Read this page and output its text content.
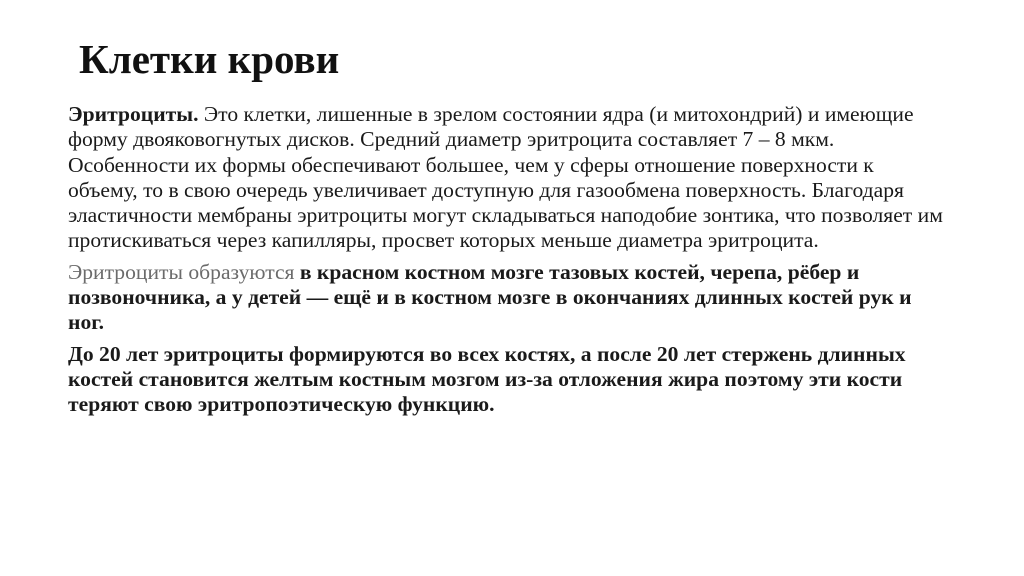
Клетки крови

Эритроциты. Это клетки, лишенные в зрелом состоянии ядра (и митохондрий) и имеющие форму двояковогнутых дисков. Средний диаметр эритроцита составляет 7 – 8 мкм. Особенности их формы обеспечивают большее, чем у сферы отношение поверхности к объему, то в свою очередь увеличивает доступную для газообмена поверхность. Благодаря эластичности мембраны эритроциты могут складываться наподобие зонтика, что позволяет им протискиваться через капилляры, просвет которых меньше диаметра эритроцита.

Эритроциты образуются в красном костном мозге тазовых костей, черепа, рёбер и позвоночника, а у детей — ещё и в костном мозге в окончаниях длинных костей рук и ног.

До 20 лет эритроциты формируются во всех костях, а после 20 лет стержень длинных костей становится желтым костным мозгом из-за отложения жира поэтому эти кости теряют свою эритропоэтическую функцию.
